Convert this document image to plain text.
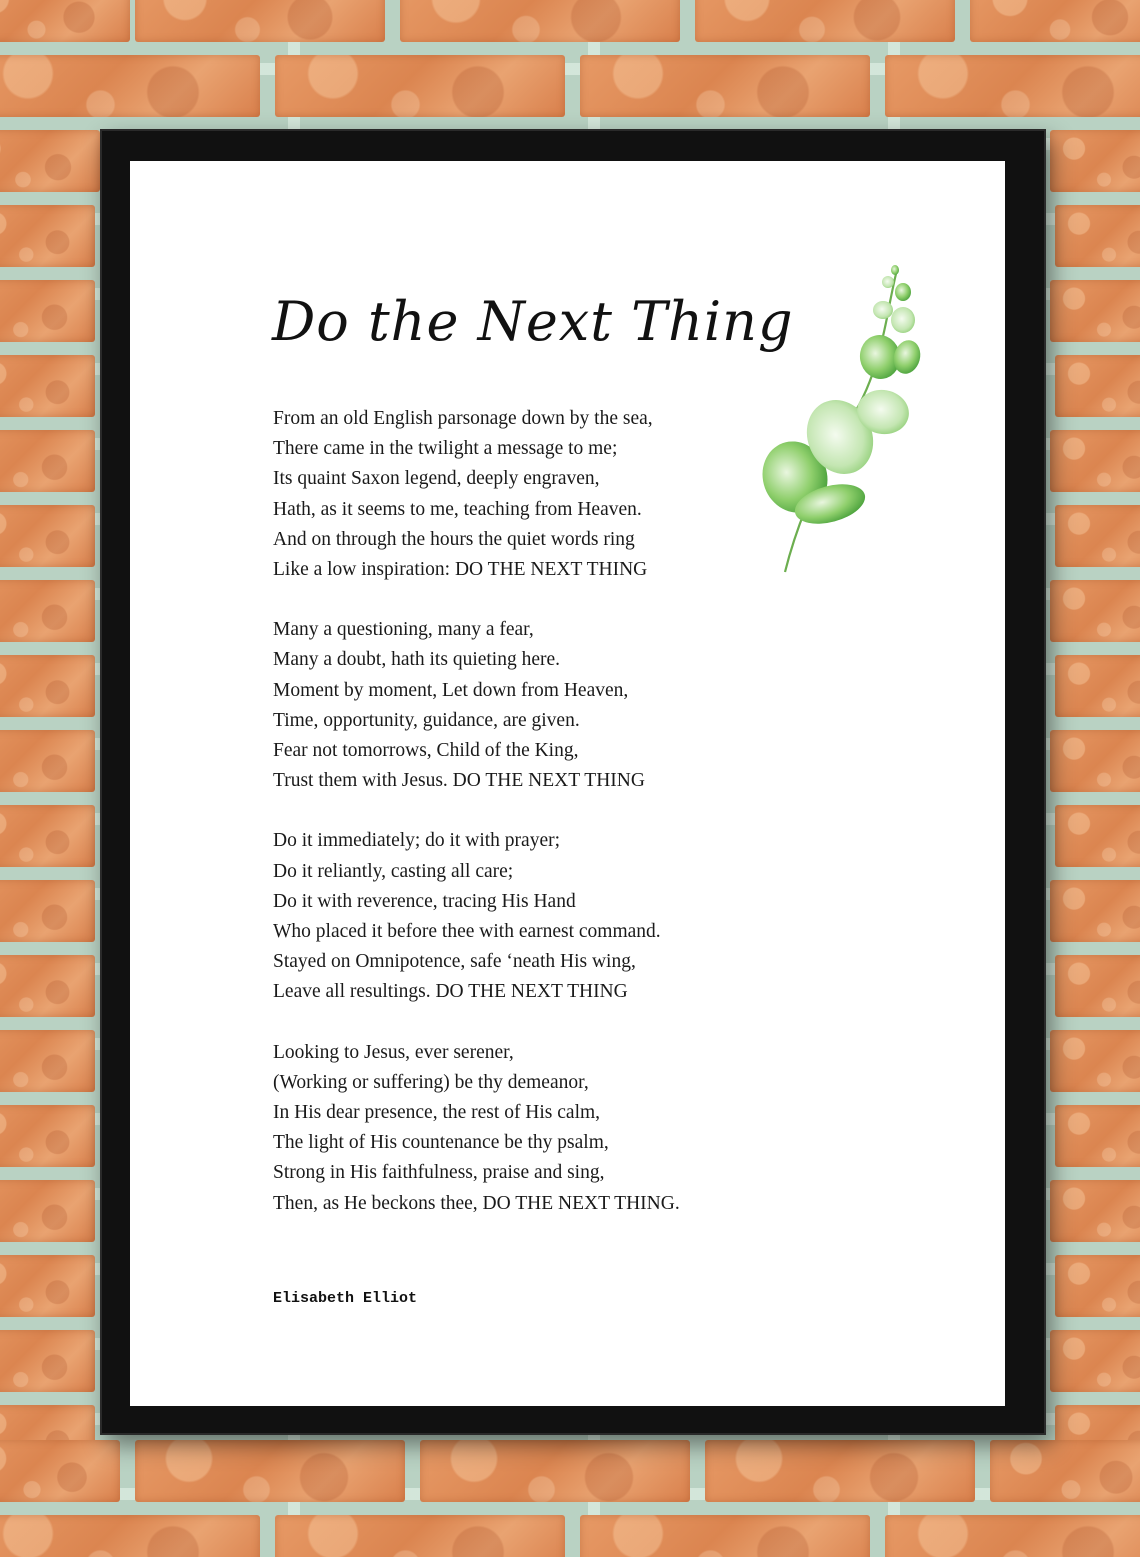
Do the Next Thing
From an old English parsonage down by the sea,
There came in the twilight a message to me;
Its quaint Saxon legend, deeply engraven,
Hath, as it seems to me, teaching from Heaven.
And on through the hours the quiet words ring
Like a low inspiration: DO THE NEXT THING
Many a questioning, many a fear,
Many a doubt, hath its quieting here.
Moment by moment, Let down from Heaven,
Time, opportunity, guidance, are given.
Fear not tomorrows, Child of the King,
Trust them with Jesus. DO THE NEXT THING
Do it immediately; do it with prayer;
Do it reliantly, casting all care;
Do it with reverence, tracing His Hand
Who placed it before thee with earnest command.
Stayed on Omnipotence, safe ‘neath His wing,
Leave all resultings. DO THE NEXT THING
Looking to Jesus, ever serener,
(Working or suffering) be thy demeanor,
In His dear presence, the rest of His calm,
The light of His countenance be thy psalm,
Strong in His faithfulness, praise and sing,
Then, as He beckons thee, DO THE NEXT THING.
Elisabeth Elliot
